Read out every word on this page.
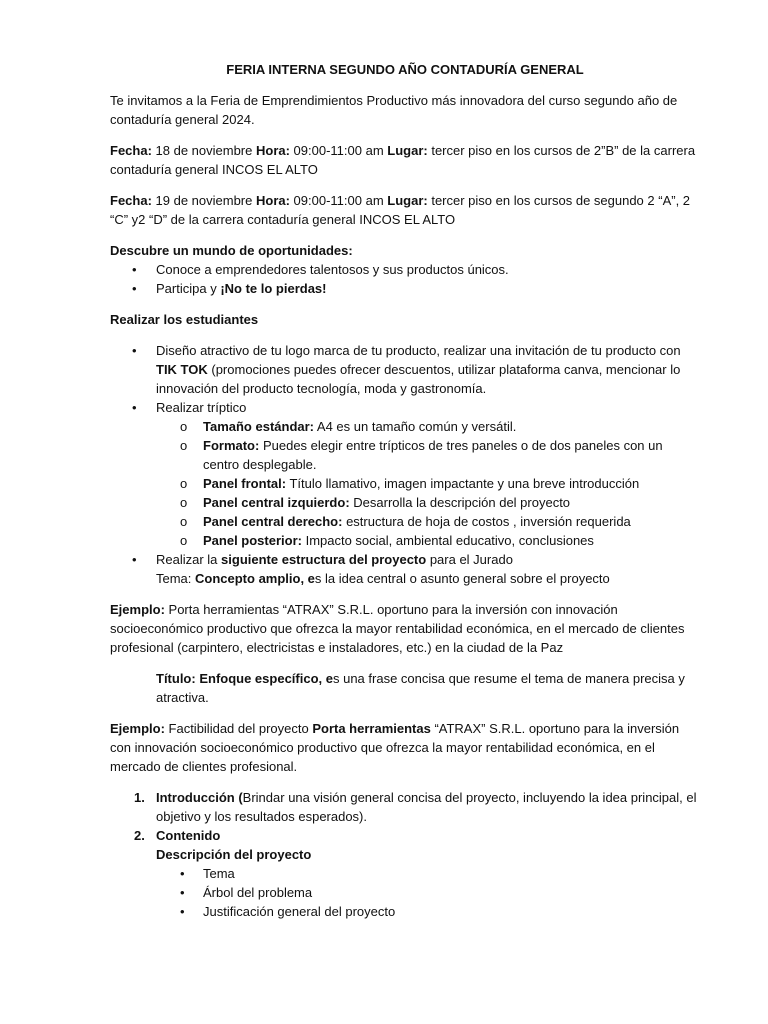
FERIA INTERNA SEGUNDO AÑO CONTADURÍA GENERAL

Te invitamos a la Feria de Emprendimientos Productivo más innovadora del curso segundo año de contaduría general 2024.

Fecha: 18 de noviembre Hora: 09:00-11:00 am Lugar: tercer piso en los cursos de 2”B” de la carrera contaduría general INCOS EL ALTO

Fecha: 19 de noviembre Hora: 09:00-11:00 am Lugar: tercer piso en los cursos de segundo 2 “A”, 2 “C” y2 “D” de la carrera contaduría general INCOS EL ALTO

Descubre un mundo de oportunidades:

• Conoce a emprendedores talentosos y sus productos únicos.
• Participa y ¡No te lo pierdas!

Realizar los estudiantes

• Diseño atractivo de tu logo marca de tu producto, realizar una invitación de tu producto con TIK TOK (promociones puedes ofrecer descuentos, utilizar plataforma canva, mencionar lo innovación del producto tecnología, moda y gastronomía.
• Realizar tríptico
o Tamaño estándar: A4 es un tamaño común y versátil.
o Formato: Puedes elegir entre trípticos de tres paneles o de dos paneles con un centro desplegable.
o Panel frontal: Título llamativo, imagen impactante y una breve introducción
o Panel central izquierdo: Desarrolla la descripción del proyecto
o Panel central derecho: estructura de hoja de costos , inversión requerida
o Panel posterior: Impacto social, ambiental educativo, conclusiones
• Realizar la siguiente estructura del proyecto para el Jurado

Tema: Concepto amplio, es la idea central o asunto general sobre el proyecto

Ejemplo: Porta herramientas “ATRAX” S.R.L. oportuno para la inversión con innovación socioeconómico productivo que ofrezca la mayor rentabilidad económica, en el mercado de clientes profesional (carpintero, electricistas e instaladores, etc.) en la ciudad de la Paz

Título: Enfoque específico, es una frase concisa que resume el tema de manera precisa y atractiva.

Ejemplo: Factibilidad del proyecto Porta herramientas “ATRAX” S.R.L. oportuno para la inversión con innovación socioeconómico productivo que ofrezca la mayor rentabilidad económica, en el mercado de clientes profesional.

1. Introducción (Brindar una visión general concisa del proyecto, incluyendo la idea principal, el objetivo y los resultados esperados).
2. Contenido
Descripción del proyecto
• Tema
• Árbol del problema
• Justificación general del proyecto
